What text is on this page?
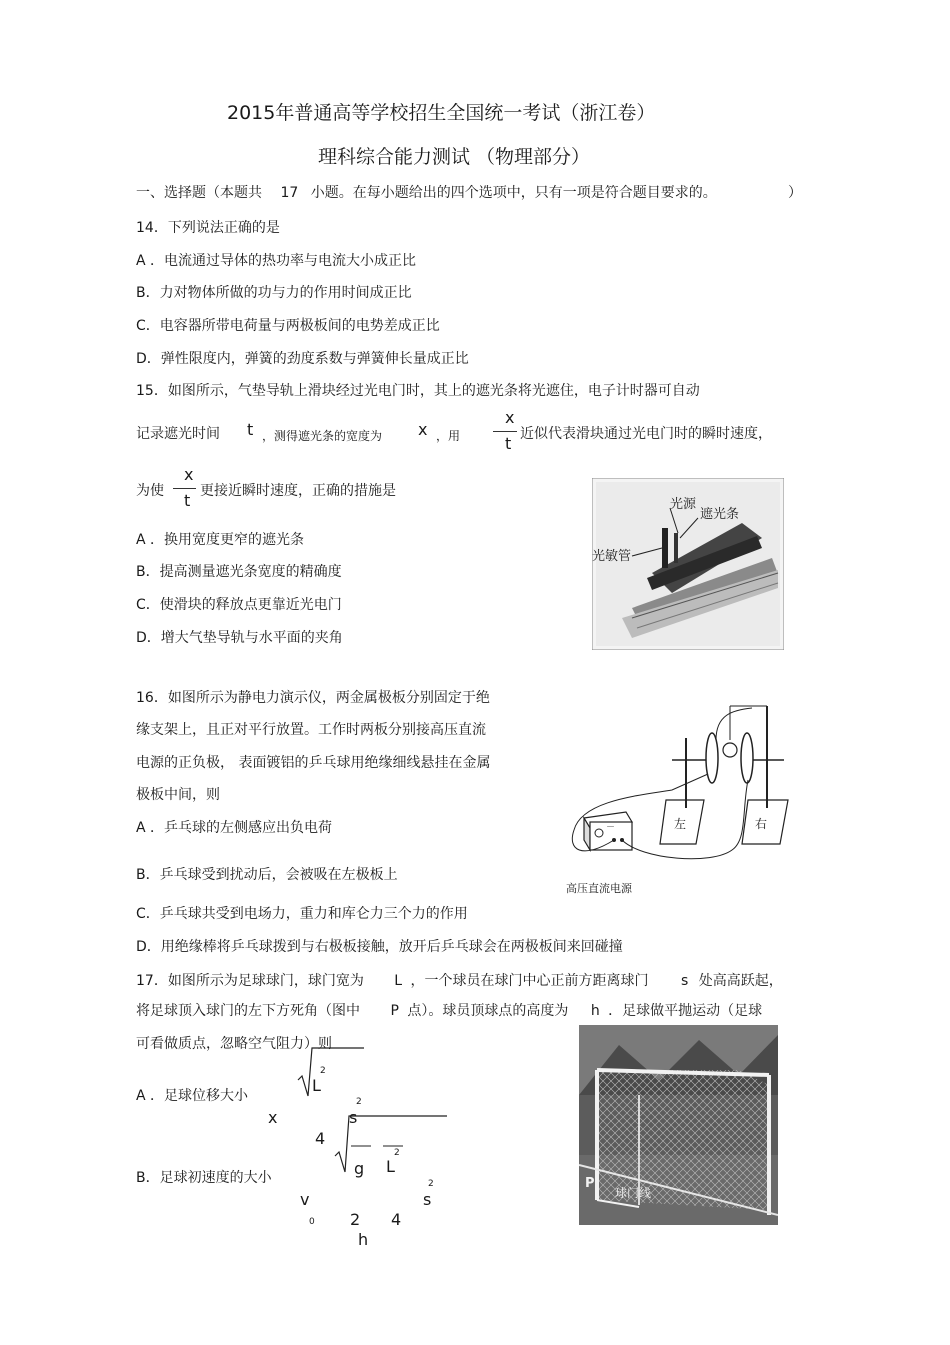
2015年普通高等学校招生全国统一考试（浙江卷）
理科综合能力测试 （物理部分）
一、选择题（本题共 17 小题。在每小题给出的四个选项中，只有一项是符合题目要求的。	）
14．下列说法正确的是
A ．电流通过导体的热功率与电流大小成正比
B．力对物体所做的功与力的作用时间成正比
C．电容器所带电荷量与两极板间的电势差成正比
D．弹性限度内，弹簧的劲度系数与弹簧伸长量成正比
15．如图所示，气垫导轨上滑块经过光电门时，其上的遮光条将光遮住，电子计时器可自动
记录遮光时间 t ，测得遮光条的宽度为 x ，用
x
t 近似代表滑块通过光电门时的瞬时速度，
为使
x
t 更接近瞬时速度，正确的措施是
A ．换用宽度更窄的遮光条
B．提高测量遮光条宽度的精确度
C．使滑块的释放点更靠近光电门
D．增大气垫导轨与水平面的夹角
光源
遮光条
光敏管
16．如图所示为静电力演示仪，两金属极板分别固定于绝
缘支架上，且正对平行放置。工作时两板分别接高压直流
电源的正负极， 表面镀铝的乒乓球用绝缘细线悬挂在金属
极板中间，则
A ．乒乓球的左侧感应出负电荷
B．乒乓球受到扰动后，会被吸在左极板上
C．乒乓球共受到电场力，重力和库仑力三个力的作用
D．用绝缘棒将乒乓球拨到与右极板接触，放开后乒乓球会在两极板间来回碰撞
－	左	右
高压直流电源
17．如图所示为足球球门，球门宽为 L ，一个球员在球门中心正前方距离球门 s 处高高跃起，
将足球顶入球门的左下方死角（图中 P 点）。球员顶球点的高度为 h ．足球做平抛运动（足球
可看做质点，忽略空气阻力）则
A ．足球位移大小
2
L
2
x	s
4
B．足球初速度的大小
2
g L
2
v	s
0 2 4
h
P
球门线
